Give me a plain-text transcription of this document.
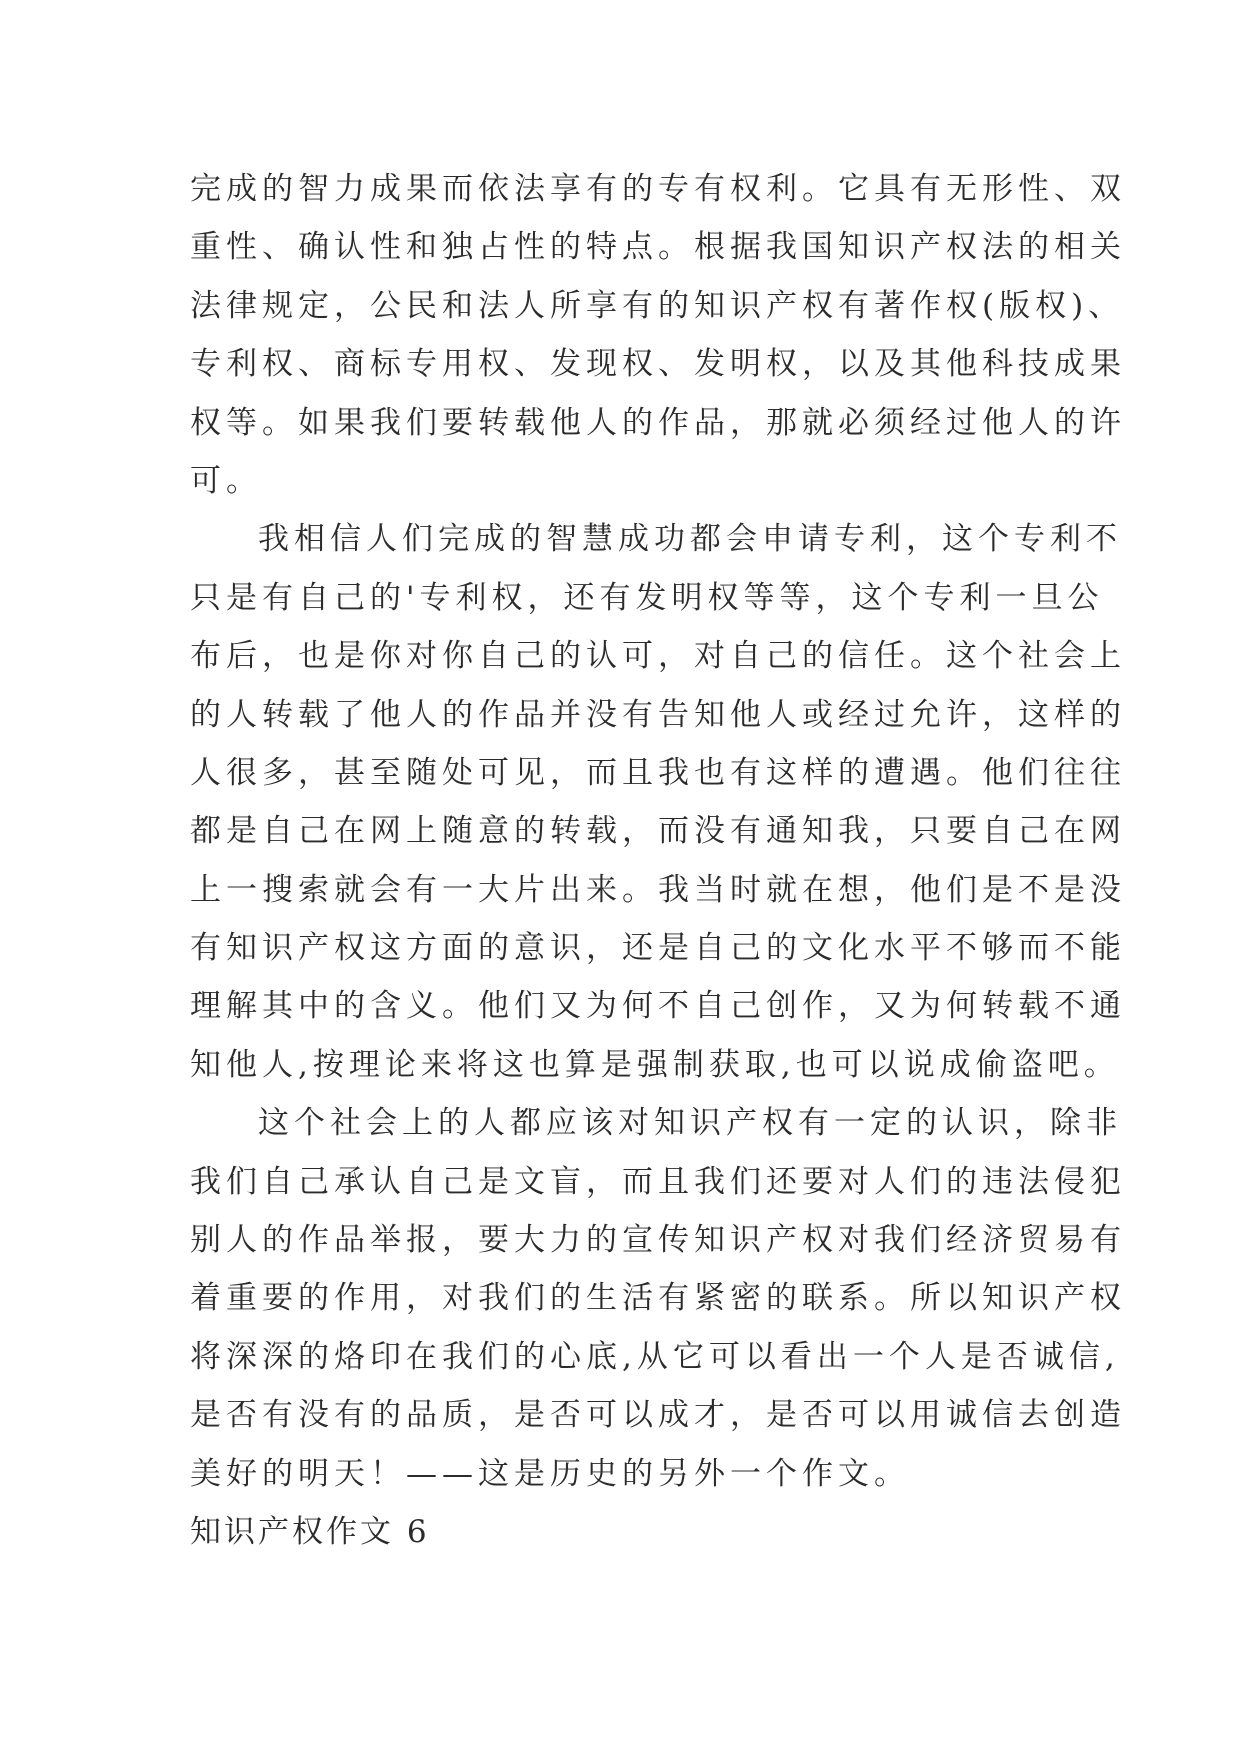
完成的智力成果而依法享有的专有权利。它具有无形性、双
重性、确认性和独占性的特点。根据我国知识产权法的相关
法律规定，公民和法人所享有的知识产权有著作权(版权)、
专利权、商标专用权、发现权、发明权，以及其他科技成果
权等。如果我们要转载他人的作品，那就必须经过他人的许
可。
我相信人们完成的智慧成功都会申请专利，这个专利不
只是有自己的'专利权，还有发明权等等，这个专利一旦公
布后，也是你对你自己的认可，对自己的信任。这个社会上
的人转载了他人的作品并没有告知他人或经过允许，这样的
人很多，甚至随处可见，而且我也有这样的遭遇。他们往往
都是自己在网上随意的转载，而没有通知我，只要自己在网
上一搜索就会有一大片出来。我当时就在想，他们是不是没
有知识产权这方面的意识，还是自己的文化水平不够而不能
理解其中的含义。他们又为何不自己创作，又为何转载不通
知他人,按理论来将这也算是强制获取,也可以说成偷盗吧。
这个社会上的人都应该对知识产权有一定的认识，除非
我们自己承认自己是文盲，而且我们还要对人们的违法侵犯
别人的作品举报，要大力的宣传知识产权对我们经济贸易有
着重要的作用，对我们的生活有紧密的联系。所以知识产权
将深深的烙印在我们的心底,从它可以看出一个人是否诚信,
是否有没有的品质，是否可以成才，是否可以用诚信去创造
美好的明天！——这是历史的另外一个作文。
知识产权作文 6
